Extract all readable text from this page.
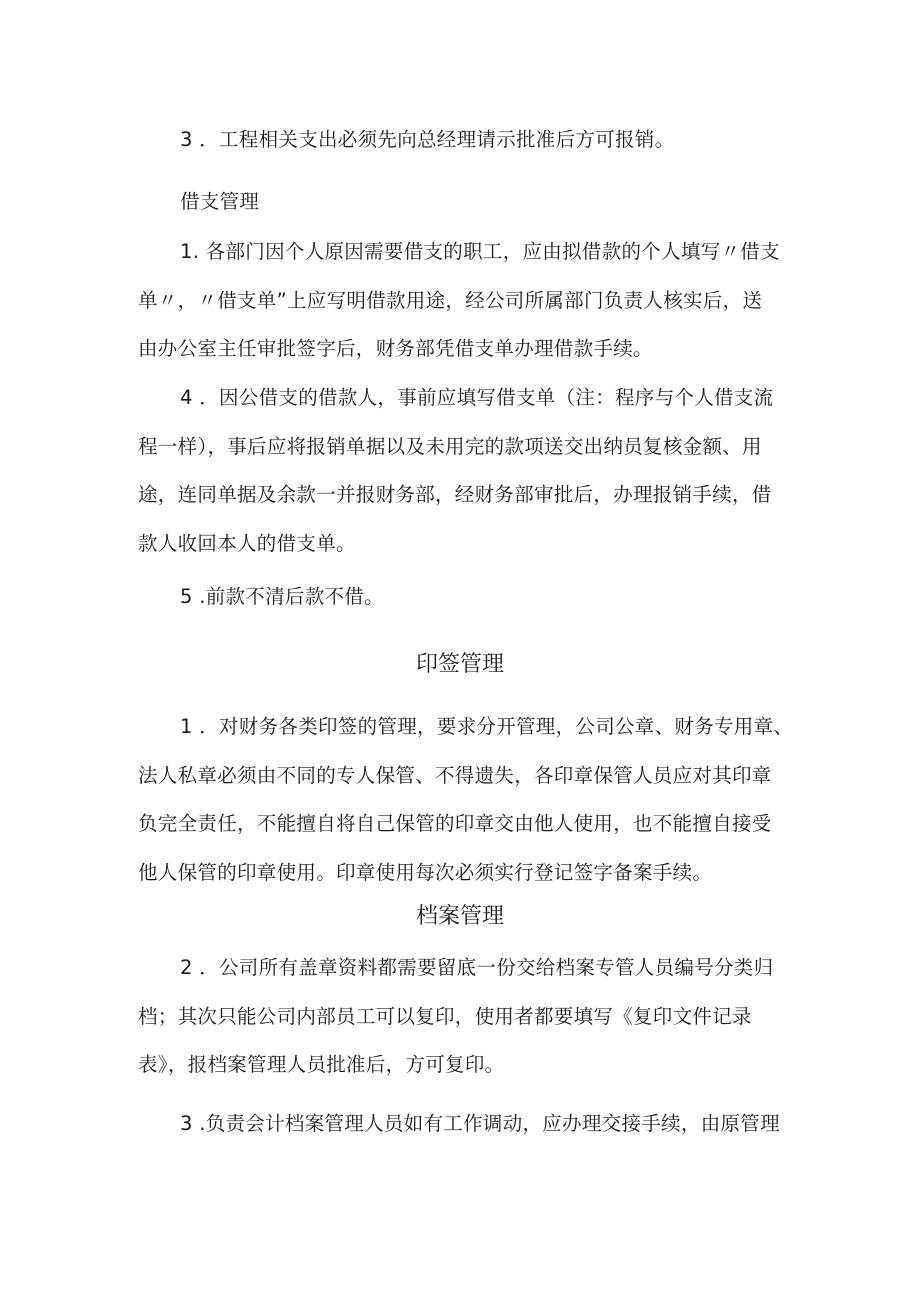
3 ．工程相关支出必须先向总经理请示批准后方可报销。

借支管理

1. 各部门因个人原因需要借支的职工，应由拟借款的个人填写〃借支
单〃，〃借支单”上应写明借款用途，经公司所属部门负责人核实后，送
由办公室主任审批签字后，财务部凭借支单办理借款手续。

4 ．因公借支的借款人，事前应填写借支单（注：程序与个人借支流
程一样），事后应将报销单据以及未用完的款项送交出纳员复核金额、用
途，连同单据及余款一并报财务部，经财务部审批后，办理报销手续，借
款人收回本人的借支单。

5 .前款不清后款不借。

印签管理

1 ．对财务各类印签的管理，要求分开管理，公司公章、财务专用章、
法人私章必须由不同的专人保管、不得遗失，各印章保管人员应对其印章
负完全责任，不能擅自将自己保管的印章交由他人使用，也不能擅自接受
他人保管的印章使用。印章使用每次必须实行登记签字备案手续。

档案管理

2 ．公司所有盖章资料都需要留底一份交给档案专管人员编号分类归
档；其次只能公司内部员工可以复印，使用者都要填写《复印文件记录
表》，报档案管理人员批准后，方可复印。

3 .负责会计档案管理人员如有工作调动，应办理交接手续，由原管理
